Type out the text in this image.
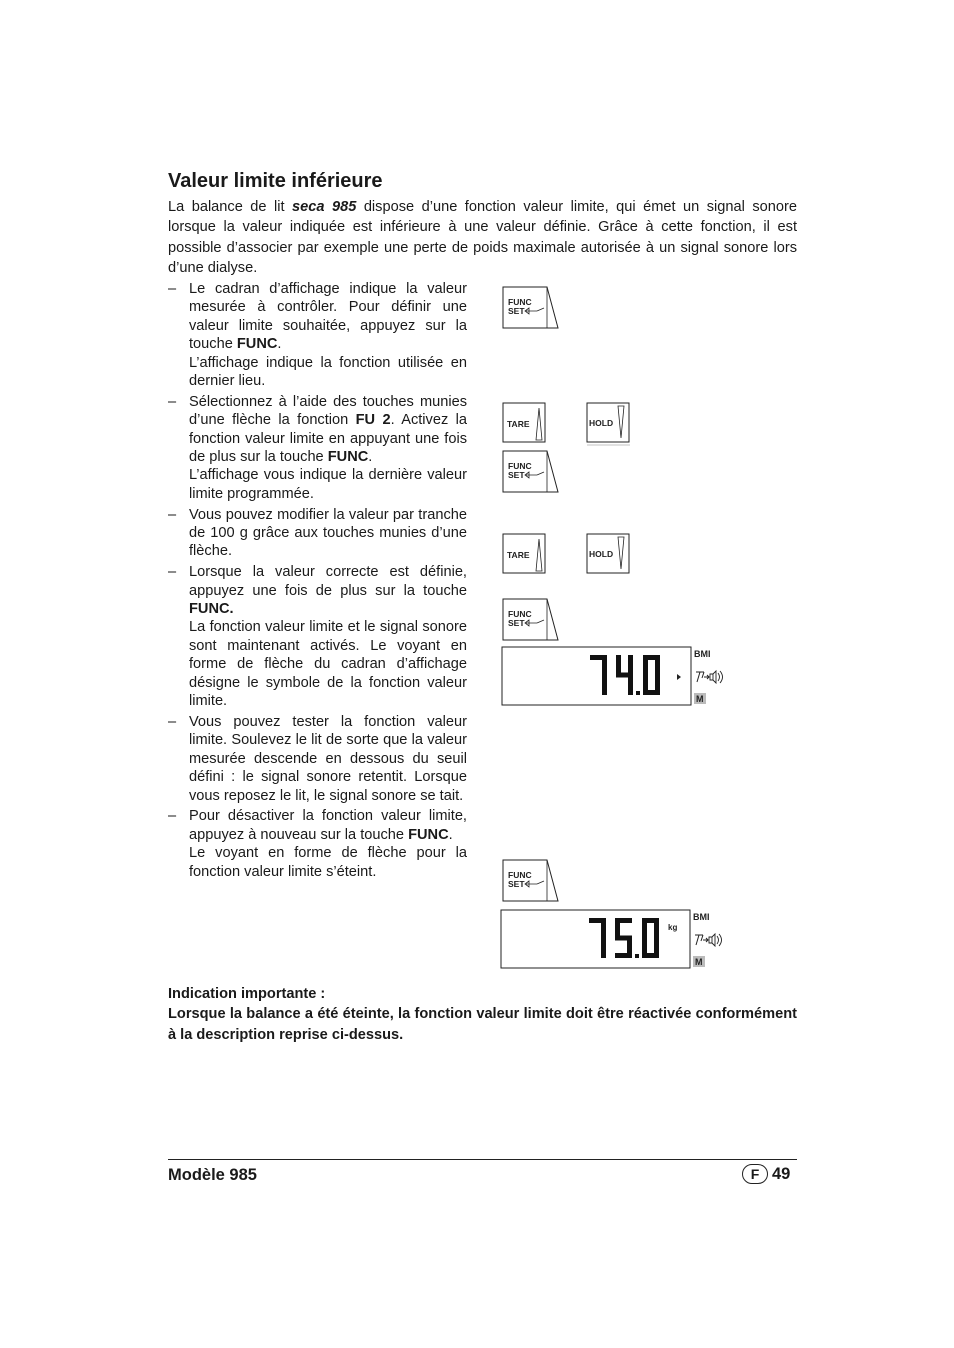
Valeur limite inférieure

La balance de lit seca 985 dispose d’une fonction valeur limite, qui émet un signal sonore lorsque la valeur indiquée est inférieure à une valeur définie. Grâce à cette fonction, il est possible d’associer par exemple une perte de poids maximale autorisée à un signal sonore lors d’une dialyse.

– Le cadran d’affichage indique la valeur mesurée à contrôler. Pour définir une valeur limite souhaitée, appuyez sur la touche FUNC.

L’affichage indique la fonction utilisée en dernier lieu.

– Sélectionnez à l’aide des touches munies d’une flèche la fonction FU 2. Activez la fonction valeur limite en appuyant une fois de plus sur la touche FUNC.

L’affichage vous indique la dernière valeur limite programmée.

– Vous pouvez modifier la valeur par tranche de 100 g grâce aux touches munies d’une flèche.

– Lorsque la valeur correcte est définie, appuyez une fois de plus sur la touche FUNC.

La fonction valeur limite et le signal sonore sont maintenant activés. Le voyant en forme de flèche du cadran d’affichage désigne le symbole de la fonction valeur limite.

– Vous pouvez tester la fonction valeur limite. Soulevez le lit de sorte que la valeur mesurée descende en dessous du seuil défini : le signal sonore retentit. Lorsque vous reposez le lit, le signal sonore se tait.

– Pour désactiver la fonction valeur limite, appuyez à nouveau sur la touche FUNC.

Le voyant en forme de flèche pour la fonction valeur limite s’éteint.

FUNC
SET
TARE	HOLD
FUNC
SET
TARE	HOLD
FUNC
SET
BMI
M
FUNC
SET
kg
BMI
M

Indication importante :

Lorsque la balance a été éteinte, la fonction valeur limite doit être réactivée conformément à la description reprise ci-dessus.

Modèle 985	F 49
